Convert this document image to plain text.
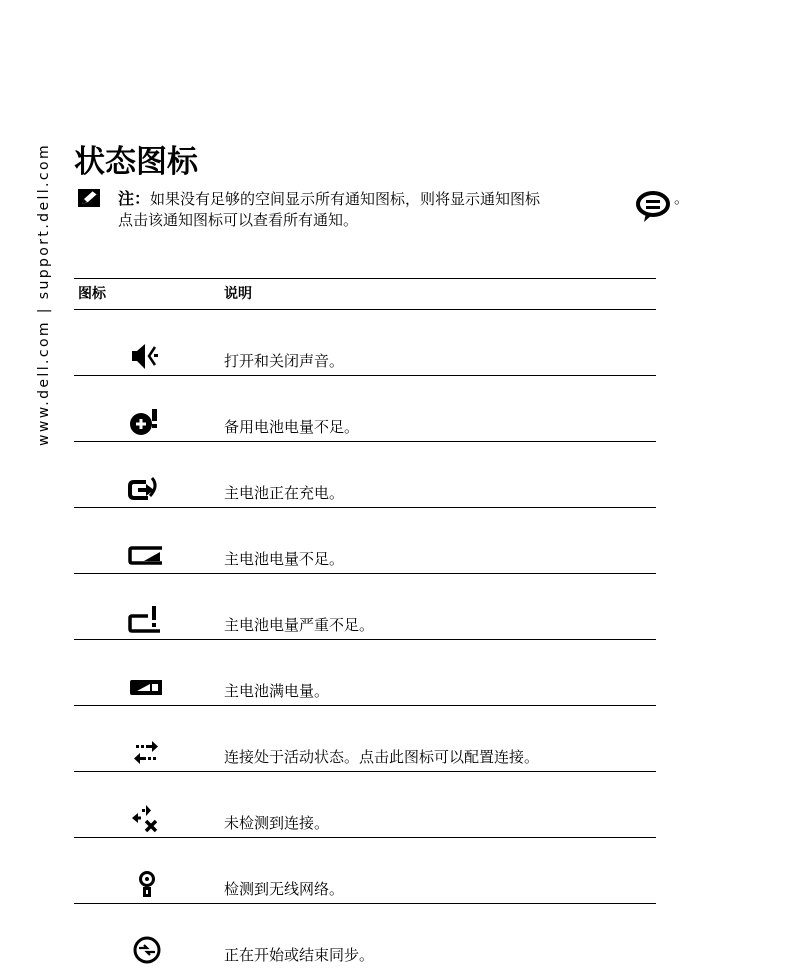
www.dell.com | support.dell.com 状态图标
注：如果没有足够的空间显示所有通知图标，则将显示通知图标
点击该通知图标可以查看所有通知。
。
图标	说明
打开和关闭声音。
备用电池电量不足。
主电池正在充电。
主电池电量不足。
主电池电量严重不足。
主电池满电量。
连接处于活动状态。点击此图标可以配置连接。
未检测到连接。
检测到无线网络。
正在开始或结束同步。
